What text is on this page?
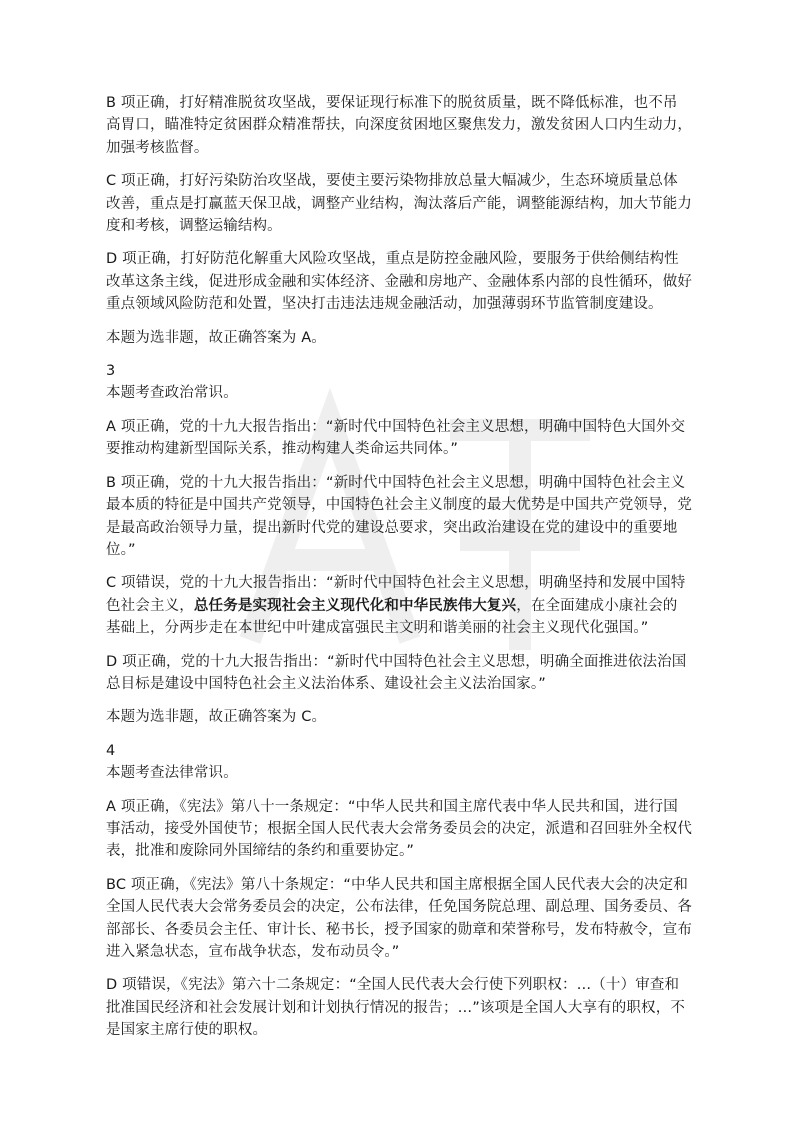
B 项正确，打好精准脱贫攻坚战，要保证现行标准下的脱贫质量，既不降低标准，也不吊高胃口，瞄准特定贫困群众精准帮扶，向深度贫困地区聚焦发力，激发贫困人口内生动力，加强考核监督。

C 项正确，打好污染防治攻坚战，要使主要污染物排放总量大幅减少，生态环境质量总体改善，重点是打赢蓝天保卫战，调整产业结构，淘汰落后产能，调整能源结构，加大节能力度和考核，调整运输结构。

D 项正确，打好防范化解重大风险攻坚战，重点是防控金融风险，要服务于供给侧结构性改革这条主线，促进形成金融和实体经济、金融和房地产、金融体系内部的良性循环，做好重点领域风险防范和处置，坚决打击违法违规金融活动，加强薄弱环节监管制度建设。

本题为选非题，故正确答案为 A。

3

本题考查政治常识。

A 项正确，党的十九大报告指出：“新时代中国特色社会主义思想，明确中国特色大国外交要推动构建新型国际关系，推动构建人类命运共同体。”

B 项正确，党的十九大报告指出：“新时代中国特色社会主义思想，明确中国特色社会主义最本质的特征是中国共产党领导，中国特色社会主义制度的最大优势是中国共产党领导，党是最高政治领导力量，提出新时代党的建设总要求，突出政治建设在党的建设中的重要地位。”

C 项错误，党的十九大报告指出：“新时代中国特色社会主义思想，明确坚持和发展中国特色社会主义，总任务是实现社会主义现代化和中华民族伟大复兴，在全面建成小康社会的基础上，分两步走在本世纪中叶建成富强民主文明和谐美丽的社会主义现代化强国。”

D 项正确，党的十九大报告指出：“新时代中国特色社会主义思想，明确全面推进依法治国总目标是建设中国特色社会主义法治体系、建设社会主义法治国家。”

本题为选非题，故正确答案为 C。

4

本题考查法律常识。

A 项正确，《宪法》第八十一条规定：“中华人民共和国主席代表中华人民共和国，进行国事活动，接受外国使节；根据全国人民代表大会常务委员会的决定，派遣和召回驻外全权代表，批准和废除同外国缔结的条约和重要协定。”

BC 项正确，《宪法》第八十条规定：“中华人民共和国主席根据全国人民代表大会的决定和全国人民代表大会常务委员会的决定，公布法律，任免国务院总理、副总理、国务委员、各部部长、各委员会主任、审计长、秘书长，授予国家的勋章和荣誉称号，发布特赦令，宣布进入紧急状态，宣布战争状态，发布动员令。”

D 项错误，《宪法》第六十二条规定：“全国人民代表大会行使下列职权：…（十）审查和批准国民经济和社会发展计划和计划执行情况的报告；…”该项是全国人大享有的职权，不是国家主席行使的职权。
